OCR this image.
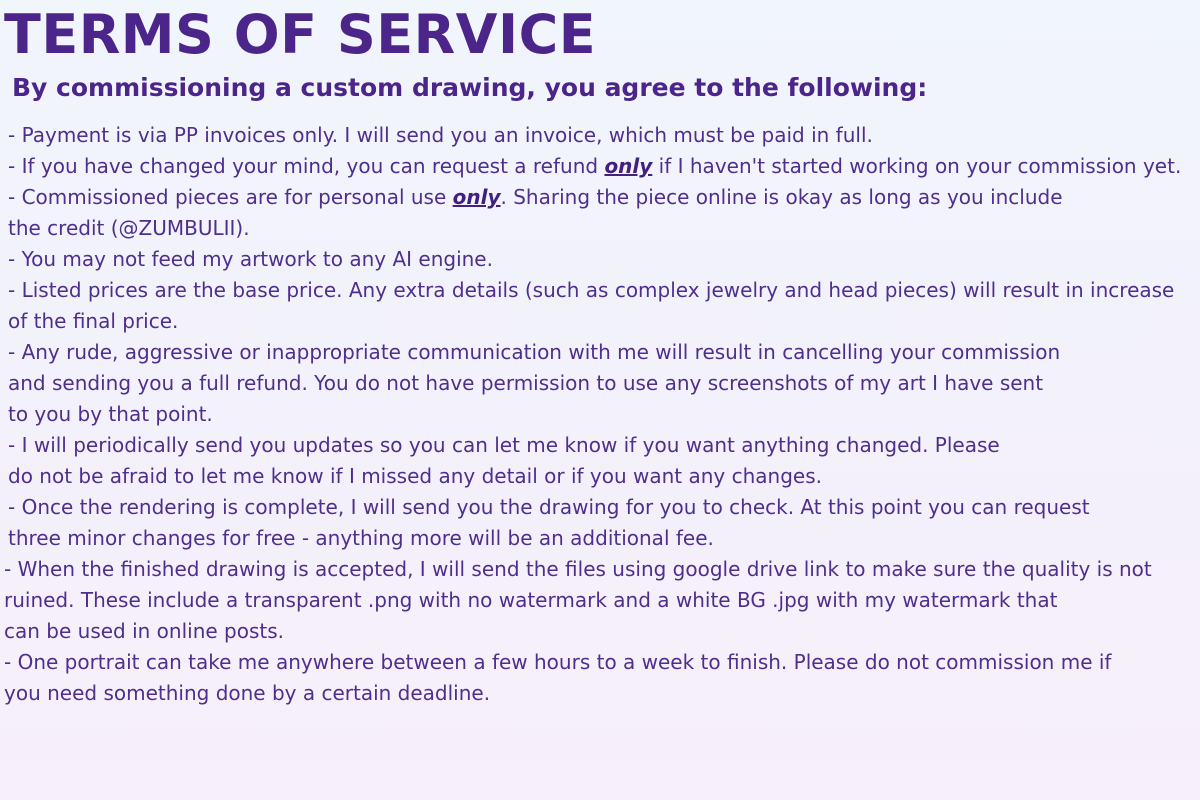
TERMS OF SERVICE
By commissioning a custom drawing, you agree to the following:
- Payment is via PP invoices only. I will send you an invoice, which must be paid in full.
- If you have changed your mind, you can request a refund only if I haven't started working on your commission yet.
- Commissioned pieces are for personal use only. Sharing the piece online is okay as long as you include
the credit (@ZUMBULII).
- You may not feed my artwork to any AI engine.
- Listed prices are the base price. Any extra details (such as complex jewelry and head pieces) will result in increase
of the final price.
- Any rude, aggressive or inappropriate communication with me will result in cancelling your commission
and sending you a full refund. You do not have permission to use any screenshots of my art I have sent
to you by that point.
- I will periodically send you updates so you can let me know if you want anything changed. Please
do not be afraid to let me know if I missed any detail or if you want any changes.
- Once the rendering is complete, I will send you the drawing for you to check. At this point you can request
three minor changes for free - anything more will be an additional fee.
- When the finished drawing is accepted, I will send the files using google drive link to make sure the quality is not
ruined. These include a transparent .png with no watermark and a white BG .jpg with my watermark that
can be used in online posts.
- One portrait can take me anywhere between a few hours to a week to finish. Please do not commission me if
you need something done by a certain deadline.
